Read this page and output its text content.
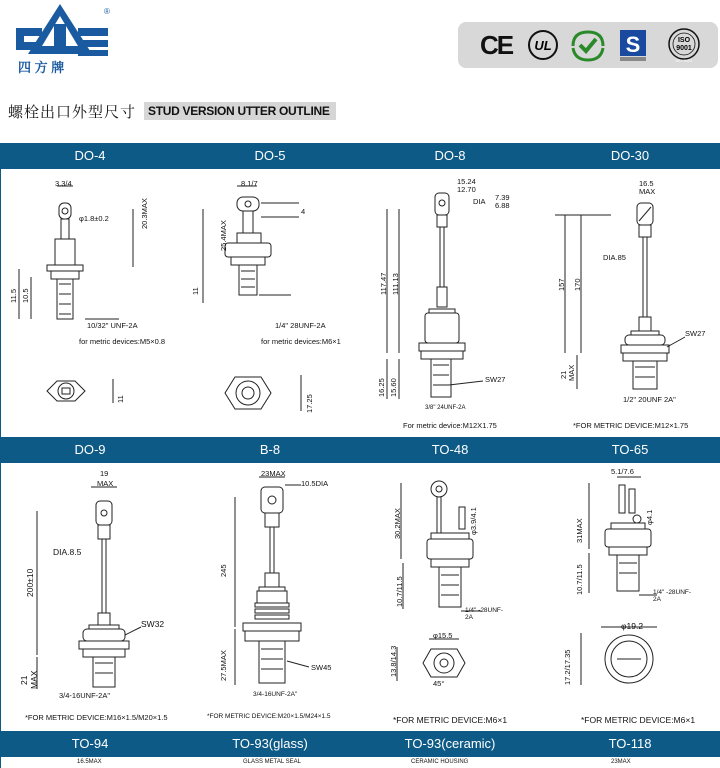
四 方 牌
®
CE UL	S	ISO
9001
ISO 9001
螺栓出口外型尺寸	STUD VERSION UTTER OUTLINE
DO-4	DO-5	DO-8	DO-30
DO-9	B-8	TO-48	TO-65
TO-94	TO-93(glass)	TO-93(ceramic)	TO-118
3.3/4
φ1.8±0.2	20.3MAX
11.5 10.5
11
10/32" UNF-2A
for metric devices:M5×0.8
8.1/7
4
25.4MAX
11
17.25
1/4" 28UNF-2A
for metric devices:M6×1
15.24
12.70
DIA 7.39
6.88
117.47 111.13
16.25 15.60	SW27
3/8" 24UNF-2A
For metric device:M12X1.75
16.5
MAX
DIA.85
157 170
21 MAX
SW27
1/2" 20UNF 2A"
*FOR METRIC DEVICE:M12×1.75
19
MAX
DIA.8.5
200±10
21 MAX
SW32
3/4-16UNF-2A"
*FOR METRIC DEVICE:M16×1.5/M20×1.5
23MAX
10.5DIA
245
27.5MAX	SW45
3/4-16UNF-2A"
*FOR METRIC DEVICE:M20×1.5/M24×1.5
30.2MAX	φ3.9/4.1
10.7/11.5
φ15.5
13.8/14.3
45°
1/4" -28UNF-2A
*FOR METRIC DEVICE:M6×1
5.1/7.6
31MAX
φ4.1
10.7/11.5
φ19.2
17.2/17.35
1/4" -28UNF-2A
*FOR METRIC DEVICE:M6×1
16.5MAX	GLASS METAL SEAL	CERAMIC HOUSING	23MAX
